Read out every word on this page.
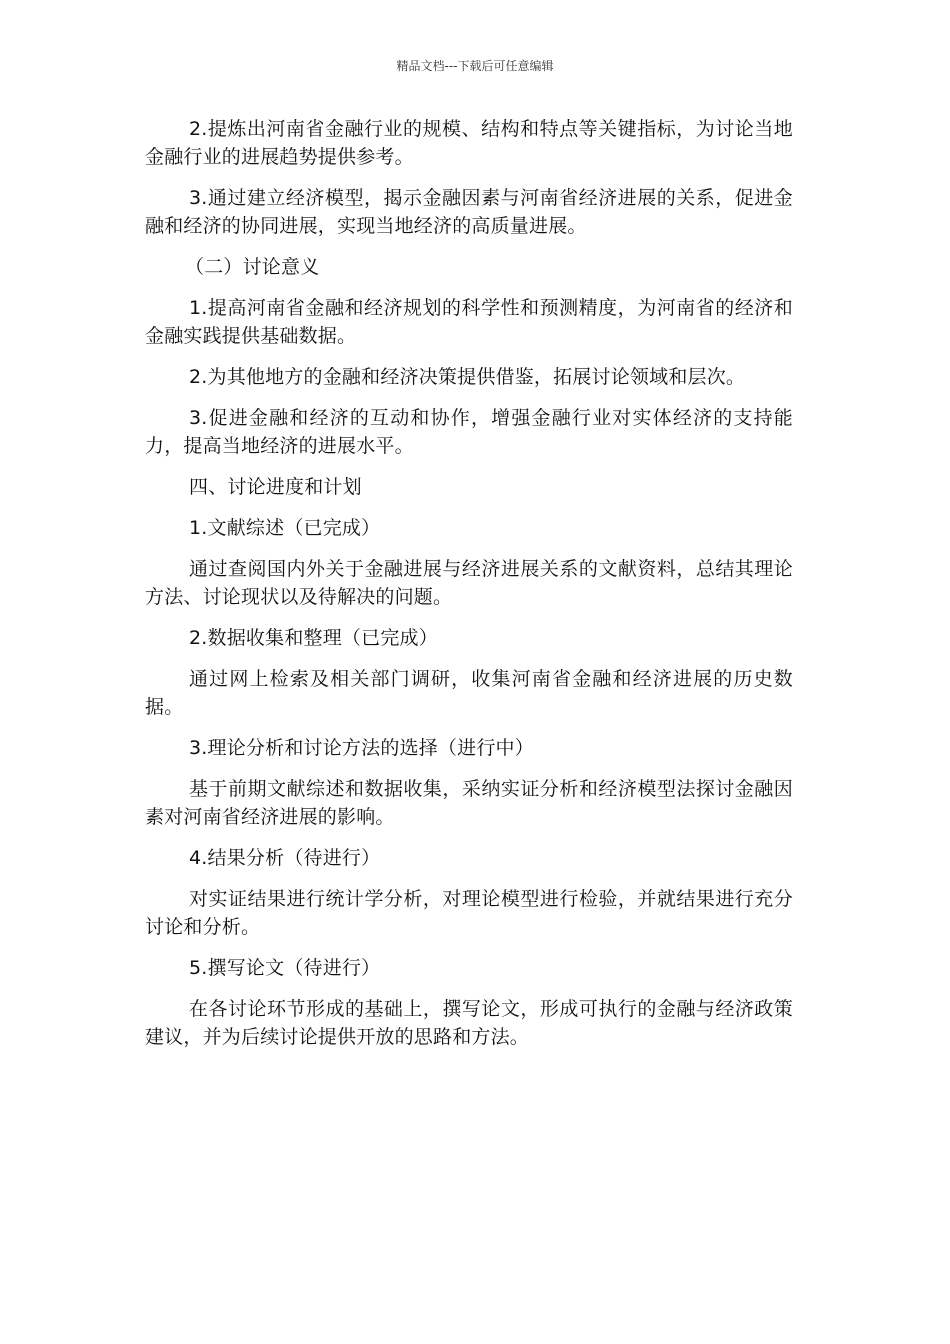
精品文档---下载后可任意编辑

2.提炼出河南省金融行业的规模、结构和特点等关键指标，为讨论当地金融行业的进展趋势提供参考。

3.通过建立经济模型，揭示金融因素与河南省经济进展的关系，促进金融和经济的协同进展，实现当地经济的高质量进展。

（二）讨论意义

1.提高河南省金融和经济规划的科学性和预测精度，为河南省的经济和金融实践提供基础数据。

2.为其他地方的金融和经济决策提供借鉴，拓展讨论领域和层次。

3.促进金融和经济的互动和协作，增强金融行业对实体经济的支持能力，提高当地经济的进展水平。

四、讨论进度和计划

1.文献综述（已完成）

通过查阅国内外关于金融进展与经济进展关系的文献资料，总结其理论方法、讨论现状以及待解决的问题。

2.数据收集和整理（已完成）

通过网上检索及相关部门调研，收集河南省金融和经济进展的历史数据。

3.理论分析和讨论方法的选择（进行中）

基于前期文献综述和数据收集，采纳实证分析和经济模型法探讨金融因素对河南省经济进展的影响。

4.结果分析（待进行）

对实证结果进行统计学分析，对理论模型进行检验，并就结果进行充分讨论和分析。

5.撰写论文（待进行）

在各讨论环节形成的基础上，撰写论文，形成可执行的金融与经济政策建议，并为后续讨论提供开放的思路和方法。
